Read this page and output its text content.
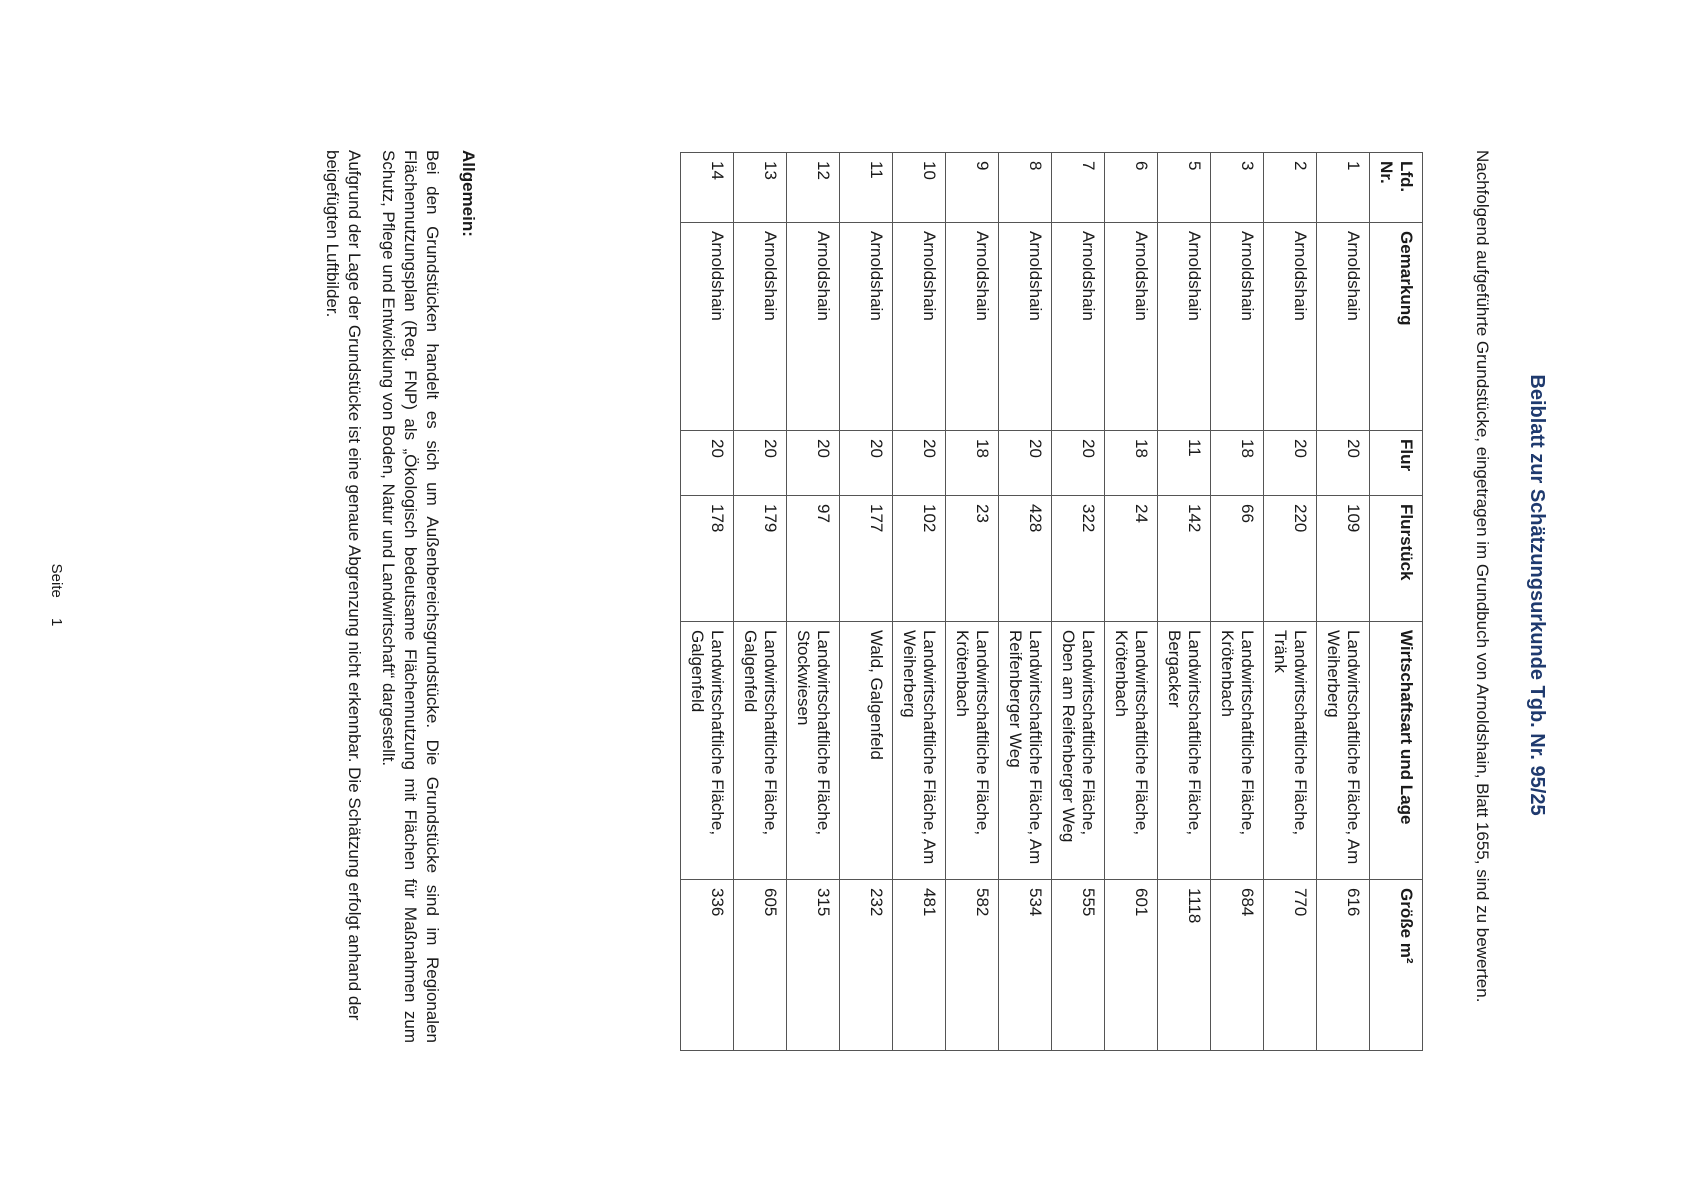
Beiblatt zur Schätzungsurkunde Tgb. Nr. 95/25
Nachfolgend aufgeführte Grundstücke, eingetragen im Grundbuch von Arnoldshain, Blatt 1655, sind zu bewerten.
Lfd. Nr.	Gemarkung	Flur	Flurstück	Wirtschaftsart und Lage	Größe m²
1	Arnoldshain	20	109	Landwirtschaftliche Fläche, Am Weiherberg	616
2	Arnoldshain	20	220	Landwirtschaftliche Fläche, Tränk	770
3	Arnoldshain	18	66	Landwirtschaftliche Fläche, Krötenbach	684
5	Arnoldshain	11	142	Landwirtschaftliche Fläche, Bergacker	1118
6	Arnoldshain	18	24	Landwirtschaftliche Fläche, Krötenbach	601
7	Arnoldshain	20	322	Landwirtschaftliche Fläche, Oben am Reifenberger Weg	555
8	Arnoldshain	20	428	Landwirtschaftliche Fläche, Am Reifenberger Weg	534
9	Arnoldshain	18	23	Landwirtschaftliche Fläche, Krötenbach	582
10	Arnoldshain	20	102	Landwirtschaftliche Fläche, Am Weiherberg	481
11	Arnoldshain	20	177	Wald, Galgenfeld	232
12	Arnoldshain	20	97	Landwirtschaftliche Fläche, Stockwiesen	315
13	Arnoldshain	20	179	Landwirtschaftliche Fläche, Galgenfeld	605
14	Arnoldshain	20	178	Landwirtschaftliche Fläche, Galgenfeld	336
Allgemein:
Bei den Grundstücken handelt es sich um Außenbereichsgrundstücke. Die Grundstücke sind im Regionalen Flächennutzungsplan (Reg. FNP) als „Ökologisch bedeutsame Flächennutzung mit Flächen für Maßnahmen zum Schutz, Pflege und Entwicklung von Boden, Natur und Landwirtschaft“ dargestellt.
Aufgrund der Lage der Grundstücke ist eine genaue Abgrenzung nicht erkennbar. Die Schätzung erfolgt anhand der beigefügten Luftbilder.
Seite 1
